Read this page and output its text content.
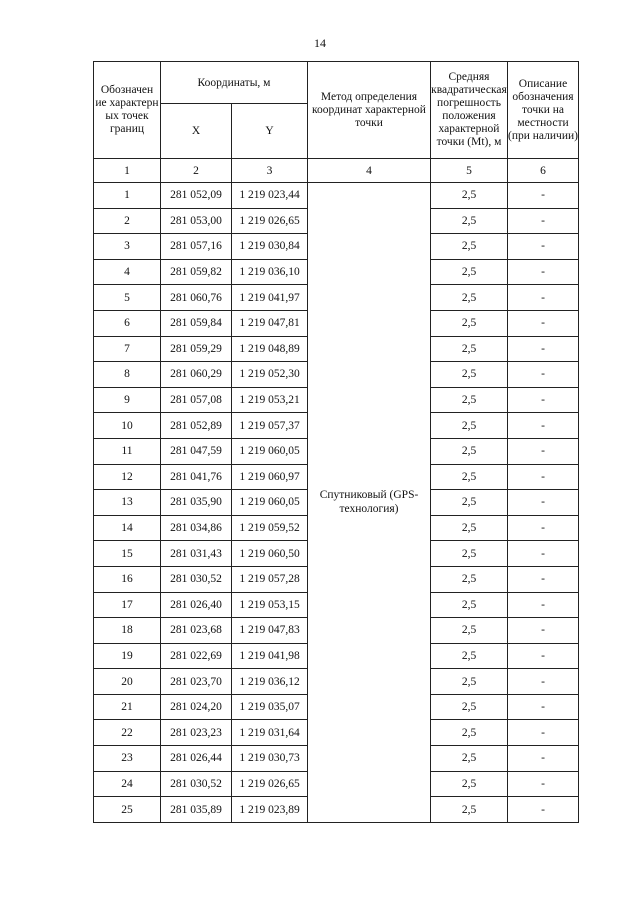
14
Обозначен ие характерн ых точек границ	Координаты, м		Метод определения координат характерной точки	Средняя квадратическая погрешность положения характерной точки (Mt), м	Описание обозначения точки на местности (при наличии)
	X	Y			
1	2	3	4	5	6
1	281 052,09	1 219 023,44	Спутниковый (GPS-технология)	2,5	-
2	281 053,00	1 219 026,65		2,5	-
3	281 057,16	1 219 030,84		2,5	-
4	281 059,82	1 219 036,10		2,5	-
5	281 060,76	1 219 041,97		2,5	-
6	281 059,84	1 219 047,81		2,5	-
7	281 059,29	1 219 048,89		2,5	-
8	281 060,29	1 219 052,30		2,5	-
9	281 057,08	1 219 053,21		2,5	-
10	281 052,89	1 219 057,37		2,5	-
11	281 047,59	1 219 060,05		2,5	-
12	281 041,76	1 219 060,97		2,5	-
13	281 035,90	1 219 060,05		2,5	-
14	281 034,86	1 219 059,52		2,5	-
15	281 031,43	1 219 060,50		2,5	-
16	281 030,52	1 219 057,28		2,5	-
17	281 026,40	1 219 053,15		2,5	-
18	281 023,68	1 219 047,83		2,5	-
19	281 022,69	1 219 041,98		2,5	-
20	281 023,70	1 219 036,12		2,5	-
21	281 024,20	1 219 035,07		2,5	-
22	281 023,23	1 219 031,64		2,5	-
23	281 026,44	1 219 030,73		2,5	-
24	281 030,52	1 219 026,65		2,5	-
25	281 035,89	1 219 023,89		2,5	-
